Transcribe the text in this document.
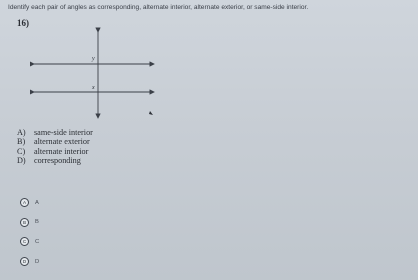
Identify each pair of angles as corresponding, alternate interior, alternate exterior, or same-side interior.
16)
y
x
A)	same-side interior
B)	alternate exterior
C)	alternate interior
D)	corresponding
A	A
B	B
C	C
D	D
